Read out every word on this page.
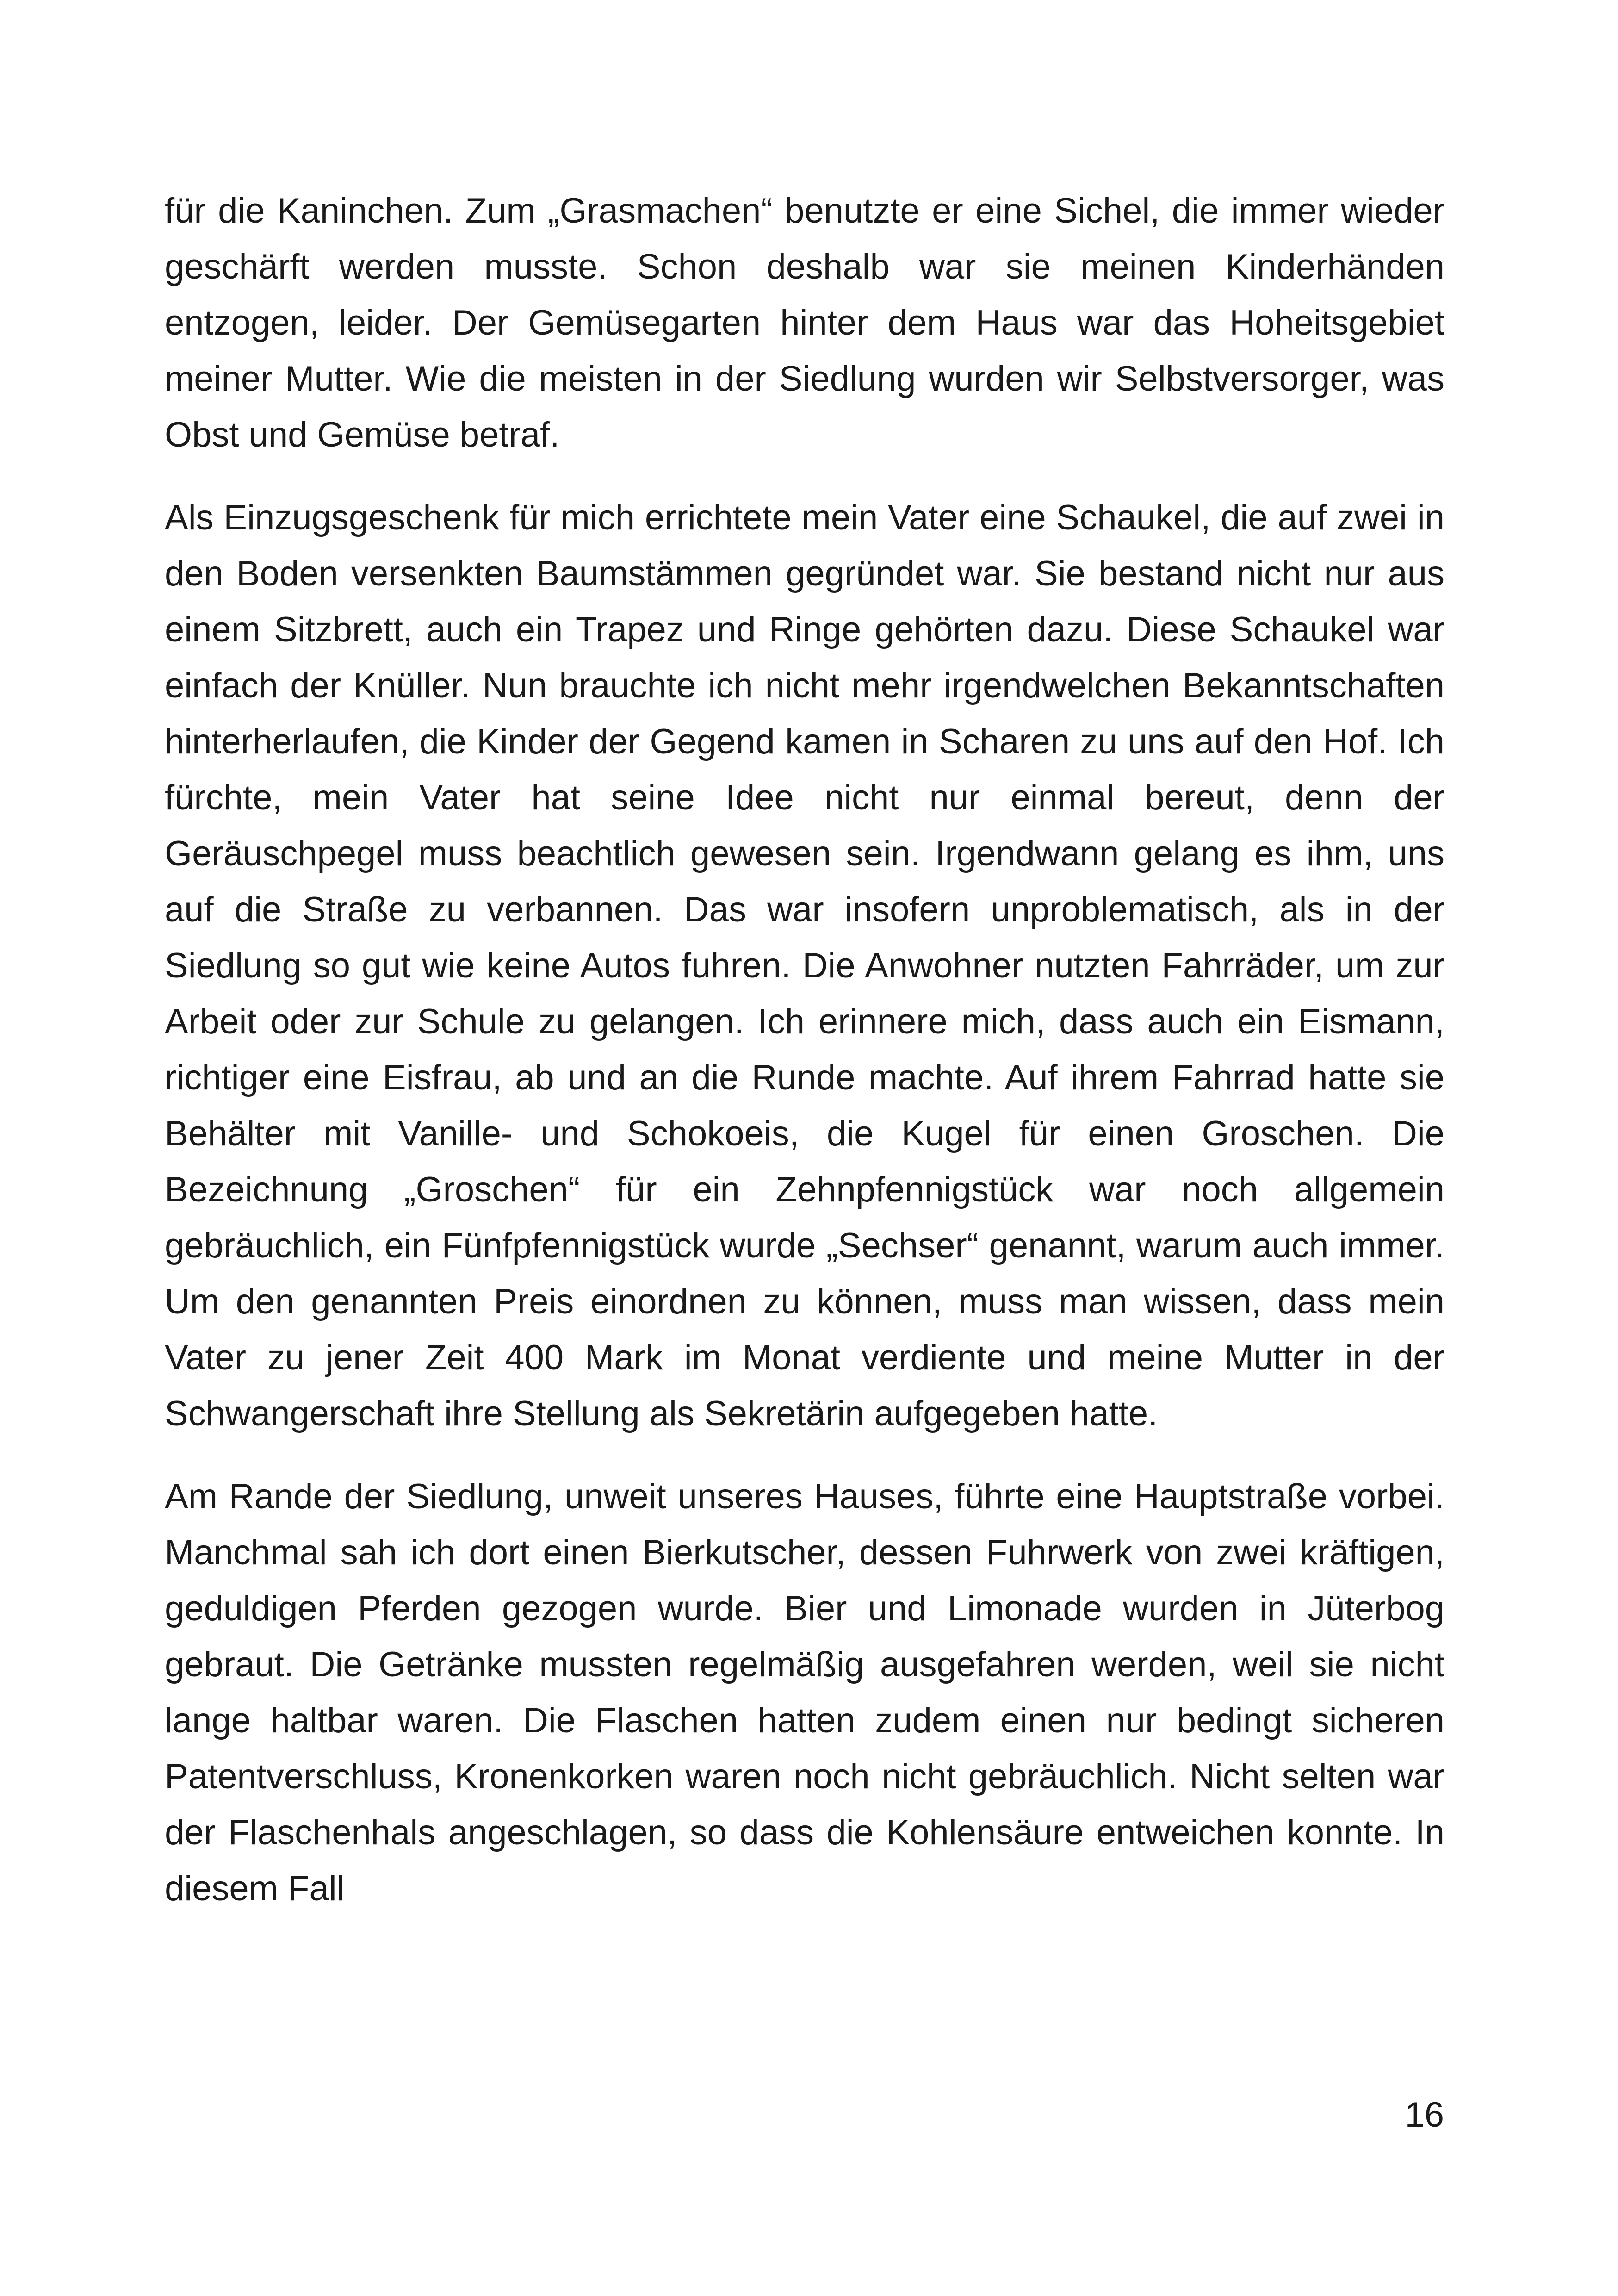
für die Kaninchen. Zum „Grasmachen“ benutzte er eine Sichel, die immer wieder geschärft werden musste. Schon deshalb war sie meinen Kinderhänden entzogen, leider. Der Gemüsegarten hinter dem Haus war das Hoheitsgebiet meiner Mutter. Wie die meisten in der Siedlung wurden wir Selbstversorger, was Obst und Gemüse betraf.

Als Einzugsgeschenk für mich errichtete mein Vater eine Schaukel, die auf zwei in den Boden versenkten Baumstämmen gegründet war. Sie bestand nicht nur aus einem Sitzbrett, auch ein Trapez und Ringe gehörten dazu. Diese Schaukel war einfach der Knüller. Nun brauchte ich nicht mehr irgendwelchen Bekanntschaften hinterherlaufen, die Kinder der Gegend kamen in Scharen zu uns auf den Hof. Ich fürchte, mein Vater hat seine Idee nicht nur einmal bereut, denn der Geräuschpegel muss beachtlich gewesen sein. Irgendwann gelang es ihm, uns auf die Straße zu verbannen. Das war insofern unproblematisch, als in der Siedlung so gut wie keine Autos fuhren. Die Anwohner nutzten Fahrräder, um zur Arbeit oder zur Schule zu gelangen. Ich erinnere mich, dass auch ein Eismann, richtiger eine Eisfrau, ab und an die Runde machte. Auf ihrem Fahrrad hatte sie Behälter mit Vanille- und Schokoeis, die Kugel für einen Groschen. Die Bezeichnung „Groschen“ für ein Zehnpfennigstück war noch allgemein gebräuchlich, ein Fünfpfennigstück wurde „Sechser“ genannt, warum auch immer. Um den genannten Preis einordnen zu können, muss man wissen, dass mein Vater zu jener Zeit 400 Mark im Monat verdiente und meine Mutter in der Schwangerschaft ihre Stellung als Sekretärin aufgegeben hatte.

Am Rande der Siedlung, unweit unseres Hauses, führte eine Hauptstraße vorbei. Manchmal sah ich dort einen Bierkutscher, dessen Fuhrwerk von zwei kräftigen, geduldigen Pferden gezogen wurde. Bier und Limonade wurden in Jüterbog gebraut. Die Getränke mussten regelmäßig ausgefahren werden, weil sie nicht lange haltbar waren. Die Flaschen hatten zudem einen nur bedingt sicheren Patentverschluss, Kronenkorken waren noch nicht gebräuchlich. Nicht selten war der Flaschenhals angeschlagen, so dass die Kohlensäure entweichen konnte. In diesem Fall

16
